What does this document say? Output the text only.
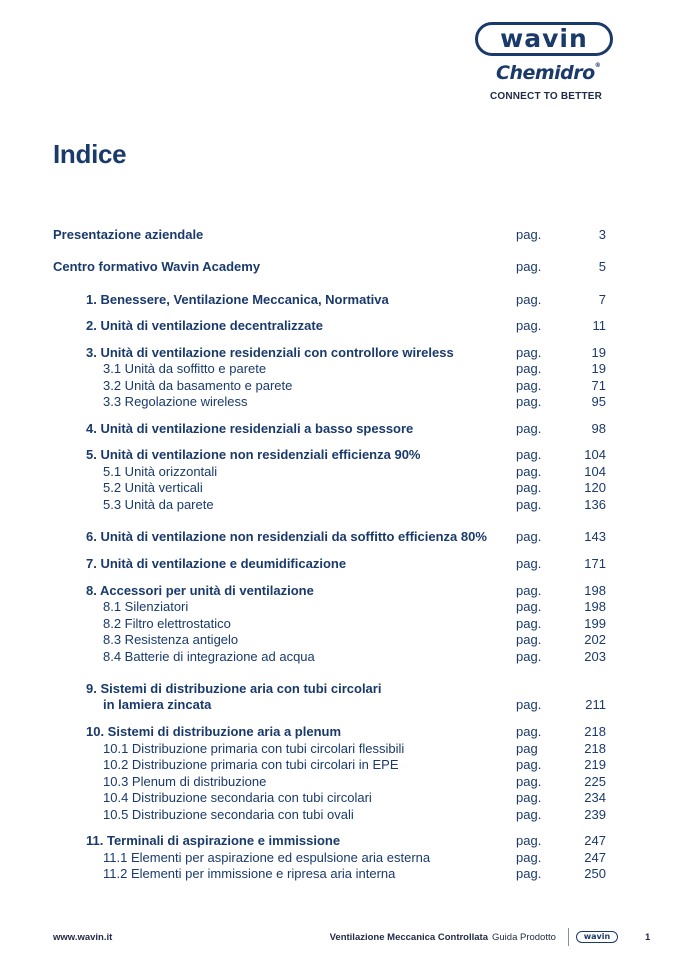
wavin
Chemidro®
CONNECT TO BETTER
Indice
Presentazione aziendale	pag.	3
Centro formativo Wavin Academy	pag.	5
1. Benessere, Ventilazione Meccanica, Normativa	pag.	7
2. Unità di ventilazione decentralizzate	pag.	11
3. Unità di ventilazione residenziali con controllore wireless	pag.	19
3.1 Unità da soffitto e parete	pag.	19
3.2 Unità da basamento e parete	pag.	71
3.3 Regolazione wireless	pag.	95
4. Unità di ventilazione residenziali a basso spessore	pag.	98
5. Unità di ventilazione non residenziali efficienza 90%	pag.	104
5.1 Unità orizzontali	pag.	104
5.2 Unità verticali	pag.	120
5.3 Unità da parete	pag.	136
6. Unità di ventilazione non residenziali da soffitto efficienza 80% pag.	143
7. Unità di ventilazione e deumidificazione	pag.	171
8. Accessori per unità di ventilazione	pag.	198
8.1 Silenziatori	pag.	198
8.2 Filtro elettrostatico	pag.	199
8.3 Resistenza antigelo	pag.	202
8.4 Batterie di integrazione ad acqua	pag.	203
9. Sistemi di distribuzione aria con tubi circolari
in lamiera zincata	pag.	211
10. Sistemi di distribuzione aria a plenum	pag.	218
10.1 Distribuzione primaria con tubi circolari flessibili	pag	218
10.2 Distribuzione primaria con tubi circolari in EPE	pag.	219
10.3 Plenum di distribuzione	pag.	225
10.4 Distribuzione secondaria con tubi circolari	pag.	234
10.5 Distribuzione secondaria con tubi ovali	pag.	239
11. Terminali di aspirazione e immissione	pag.	247
11.1 Elementi per aspirazione ed espulsione aria esterna	pag.	247
11.2 Elementi per immissione e ripresa aria interna	pag.	250
www.wavin.it	Ventilazione Meccanica Controllata Guida Prodotto	wavin	1
